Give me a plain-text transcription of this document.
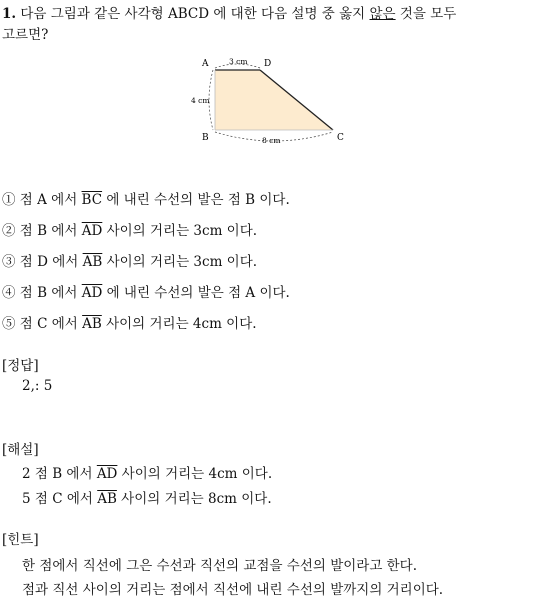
1. 다음 그림과 같은 사각형 ABCD 에 대한 다음 설명 중 옳지 않은 것을 모두
고르면?
A	D
B	C
3 cm
4 cm
8 cm
① 점 A 에서 $\overline{BC}$ 에 내린 수선의 발은 점 B 이다.
② 점 B 에서 $\overline{AD}$ 사이의 거리는 3cm 이다.
③ 점 D 에서 $\overline{AB}$ 사이의 거리는 3cm 이다.
④ 점 B 에서 $\overline{AD}$ 에 내린 수선의 발은 점 A 이다.
⑤ 점 C 에서 $\overline{AB}$ 사이의 거리는 4cm 이다.
[정답]
2,: 5
[해설]
2 점 B 에서 $\overline{AD}$ 사이의 거리는 4cm 이다.
5 점 C 에서 $\overline{AB}$ 사이의 거리는 8cm 이다.
[힌트]
한 점에서 직선에 그은 수선과 직선의 교점을 수선의 발이라고 한다.
점과 직선 사이의 거리는 점에서 직선에 내린 수선의 발까지의 거리이다.
